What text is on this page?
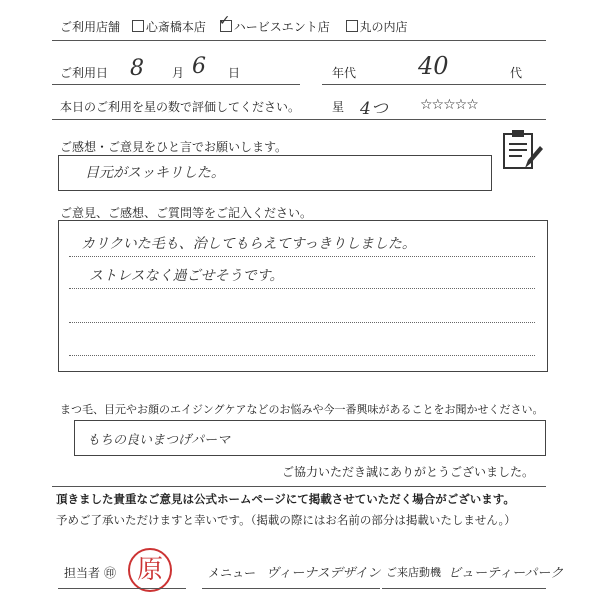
ご利用店舗 心斎橋本店 ✓ ハービスエント店 丸の内店
ご利用日 8 月 6 日	年代	40	代
本日のご利用を星の数で評価してください。	星 4つ ☆☆☆☆☆
ご感想・ご意見をひと言でお願いします。
目元がスッキリした。
ご意見、ご感想、ご質問等をご記入ください。
カリクいた毛も、治してもらえてすっきりしました。
ストレスなく過ごせそうです。
まつ毛、目元やお顔のエイジングケアなどのお悩みや今一番興味があることをお聞かせください。
もちの良いまつげパーマ
ご協力いただき誠にありがとうございました。
頂きました貴重なご意見は公式ホームページにて掲載させていただく場合がございます。
予めご了承いただけますと幸いです。（掲載の際にはお名前の部分は掲載いたしません。）
担当者 ㊞ 原	メニュー ヴィーナスデザイン ご来店動機 ビューティーパーク
